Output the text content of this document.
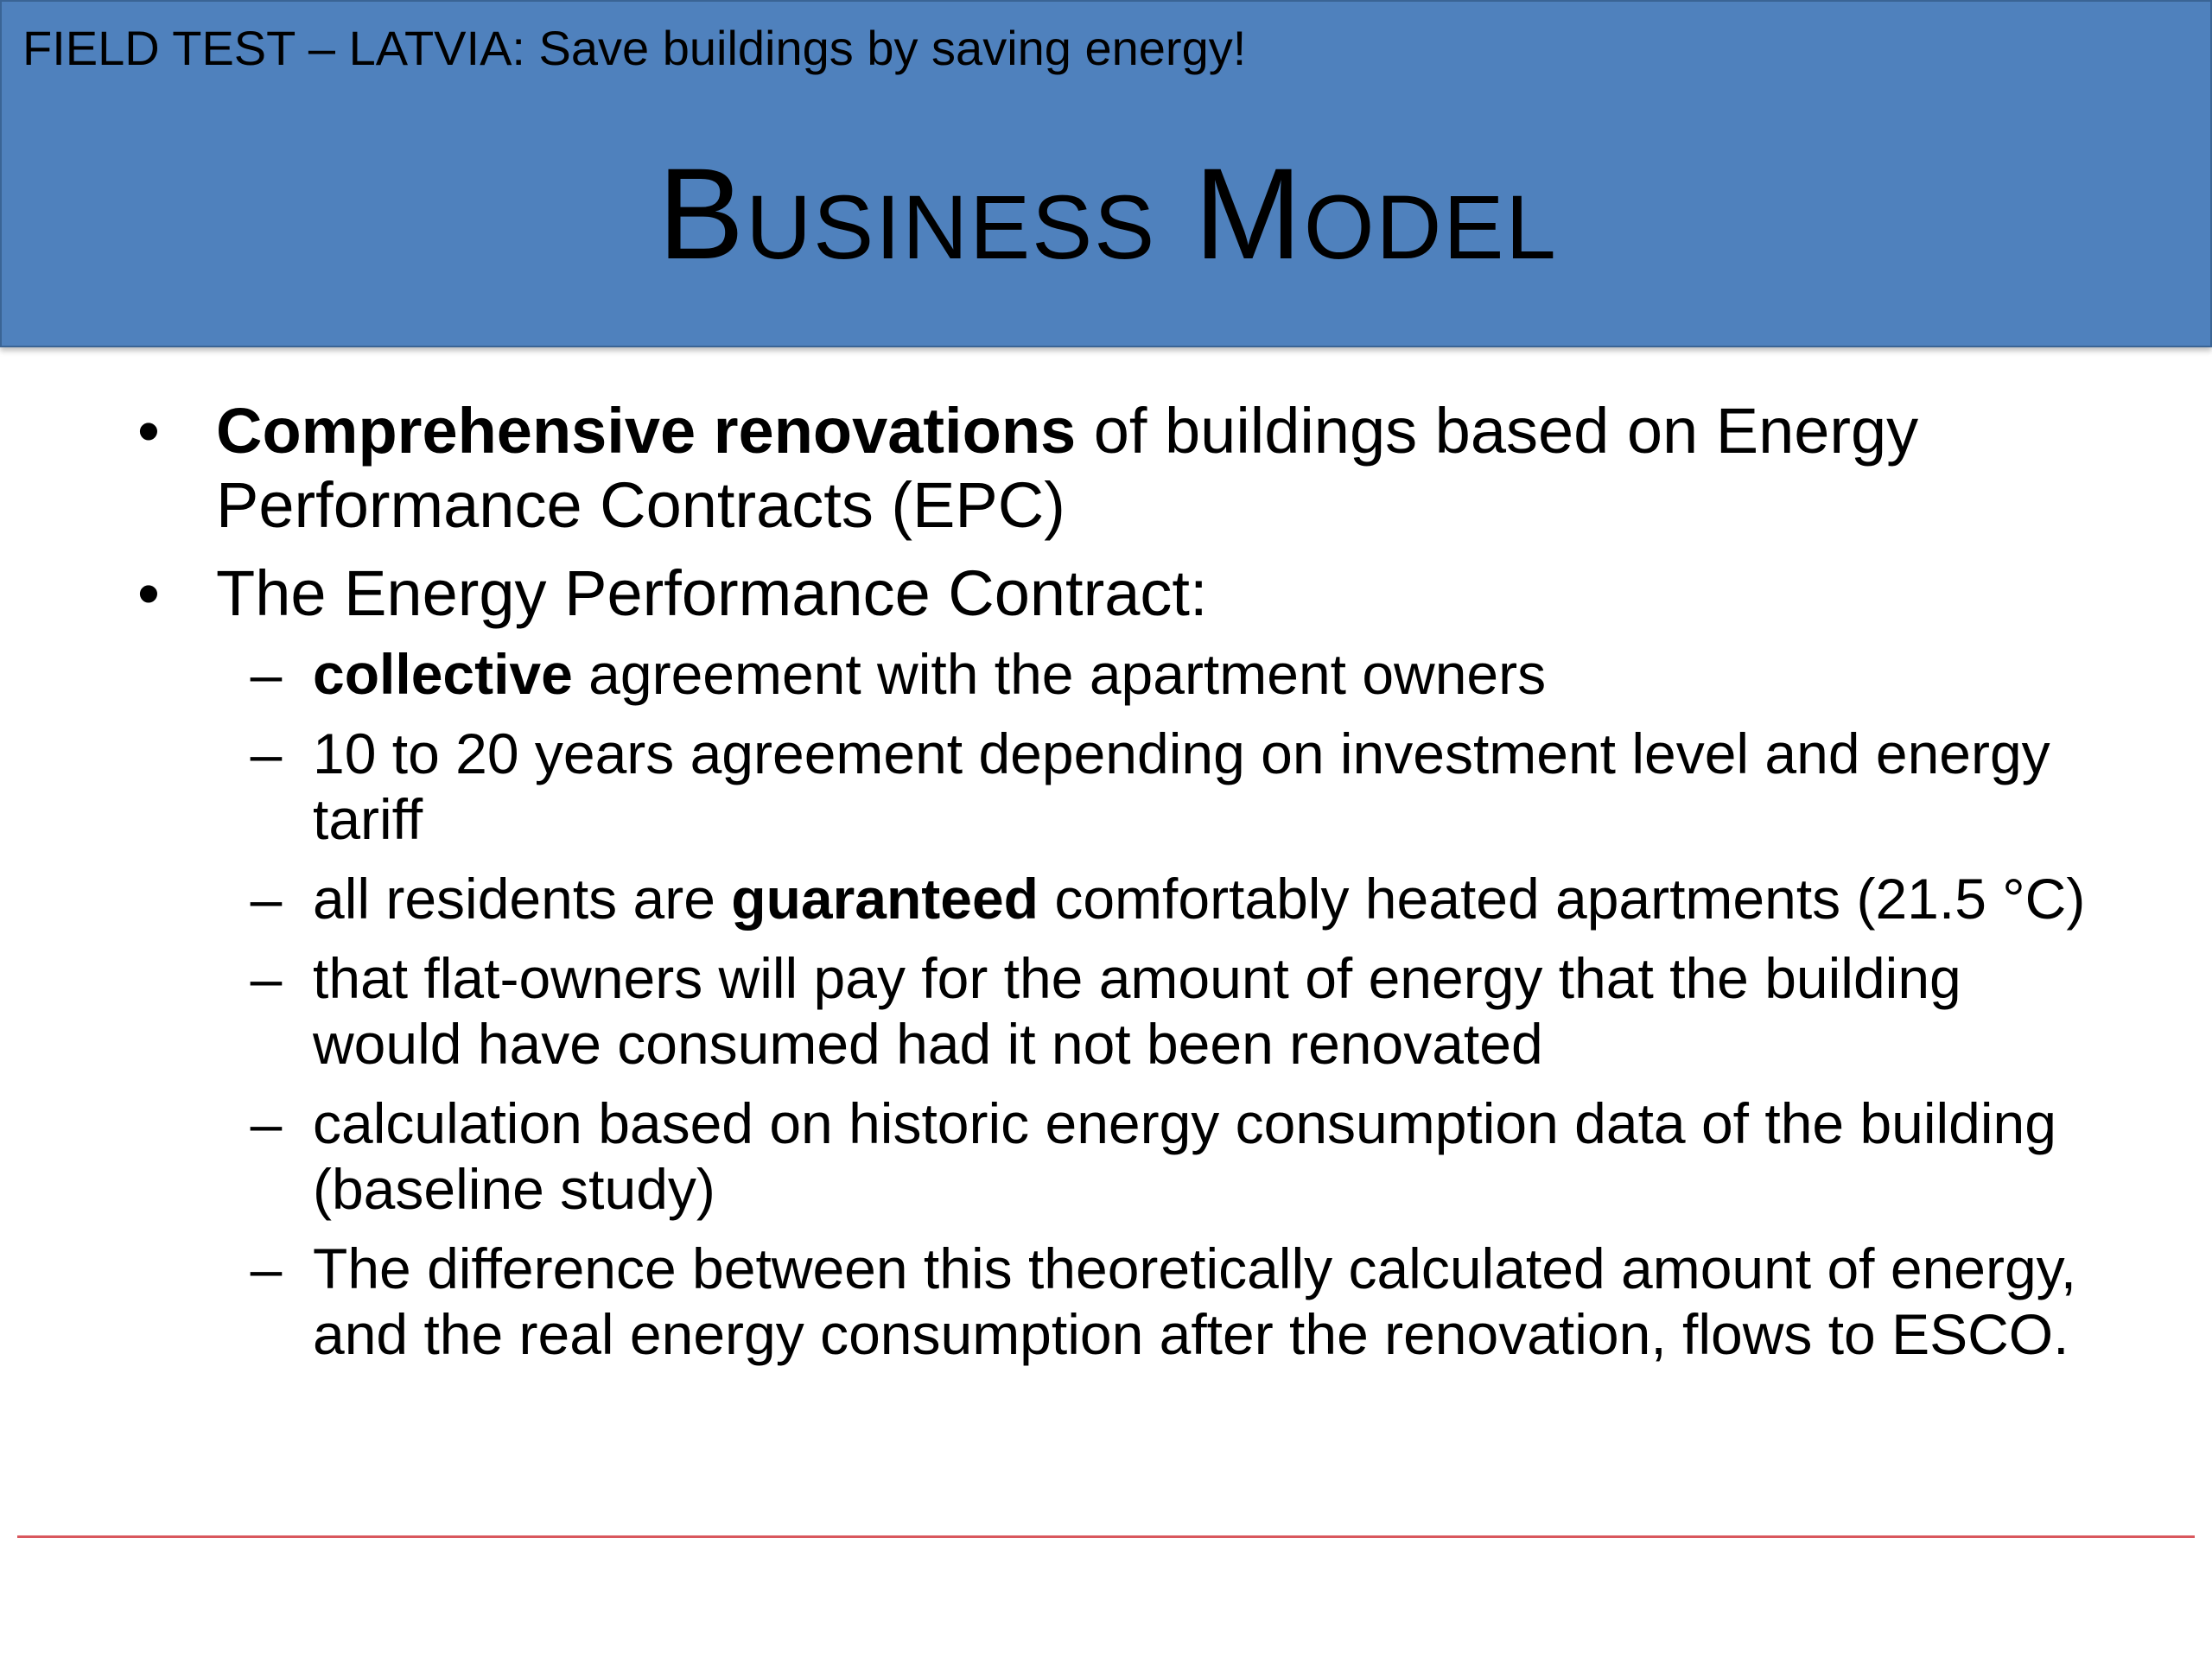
FIELD TEST – LATVIA: Save buildings by saving energy!
Business Model
• Comprehensive renovations of buildings based on Energy Performance Contracts (EPC)
• The Energy Performance Contract:
– collective agreement with the apartment owners
– 10 to 20 years agreement depending on investment level and energy tariff
– all residents are guaranteed comfortably heated apartments (21.5 °C)
– that flat-owners will pay for the amount of energy that the building would have consumed had it not been renovated
– calculation based on historic energy consumption data of the building (baseline study)
– The difference between this theoretically calculated amount of energy, and the real energy consumption after the renovation, flows to ESCO.
